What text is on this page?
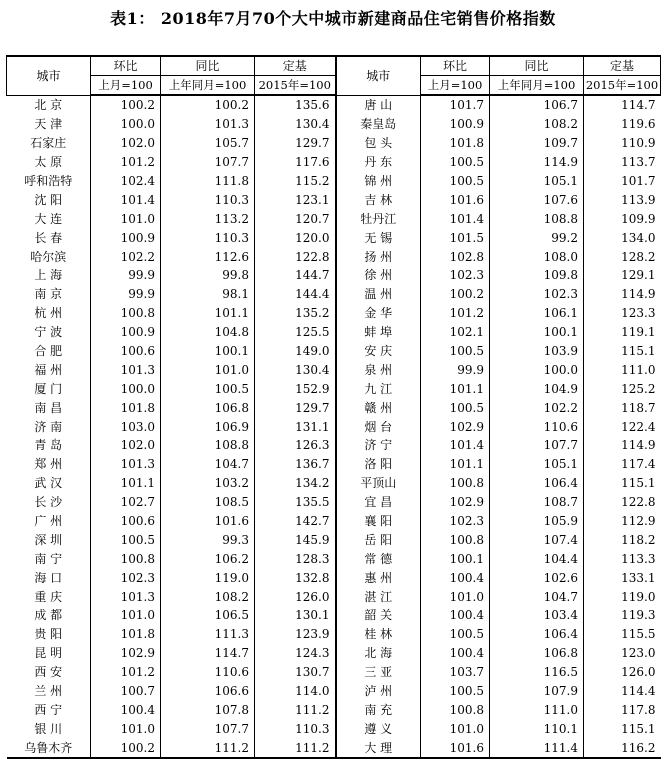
表1： 2018年7月70个大中城市新建商品住宅销售价格指数
城市	环比	同比	定基	城市	环比	同比	定基
	上月=100	上年同月=100	2015年=100		上月=100	上年同月=100	2015年=100
北 京	100.2	100.2	135.6	唐 山	101.7	106.7	114.7
天 津	100.0	101.3	130.4	秦皇岛	100.9	108.2	119.6
石家庄	102.0	105.7	129.7	包 头	101.8	109.7	110.9
太 原	101.2	107.7	117.6	丹 东	100.5	114.9	113.7
呼和浩特	102.4	111.8	115.2	锦 州	100.5	105.1	101.7
沈 阳	101.4	110.3	123.1	吉 林	101.6	107.6	113.9
大 连	101.0	113.2	120.7	牡丹江	101.4	108.8	109.9
长 春	100.9	110.3	120.0	无 锡	101.5	99.2	134.0
哈尔滨	102.2	112.6	122.8	扬 州	102.8	108.0	128.2
上 海	99.9	99.8	144.7	徐 州	102.3	109.8	129.1
南 京	99.9	98.1	144.4	温 州	100.2	102.3	114.9
杭 州	100.8	101.1	135.2	金 华	101.2	106.1	123.3
宁 波	100.9	104.8	125.5	蚌 埠	102.1	100.1	119.1
合 肥	100.6	100.1	149.0	安 庆	100.5	103.9	115.1
福 州	101.3	101.0	130.4	泉 州	99.9	100.0	111.0
厦 门	100.0	100.5	152.9	九 江	101.1	104.9	125.2
南 昌	101.8	106.8	129.7	赣 州	100.5	102.2	118.7
济 南	103.0	106.9	131.1	烟 台	102.9	110.6	122.4
青 岛	102.0	108.8	126.3	济 宁	101.4	107.7	114.9
郑 州	101.3	104.7	136.7	洛 阳	101.1	105.1	117.4
武 汉	101.1	103.2	134.2	平顶山	100.8	106.4	115.1
长 沙	102.7	108.5	135.5	宜 昌	102.9	108.7	122.8
广 州	100.6	101.6	142.7	襄 阳	102.3	105.9	112.9
深 圳	100.5	99.3	145.9	岳 阳	100.8	107.4	118.2
南 宁	100.8	106.2	128.3	常 德	100.1	104.4	113.3
海 口	102.3	119.0	132.8	惠 州	100.4	102.6	133.1
重 庆	101.3	108.2	126.0	湛 江	101.0	104.7	119.0
成 都	101.0	106.5	130.1	韶 关	100.4	103.4	119.3
贵 阳	101.8	111.3	123.9	桂 林	100.5	106.4	115.5
昆 明	102.9	114.7	124.3	北 海	100.4	106.8	123.0
西 安	101.2	110.6	130.7	三 亚	103.7	116.5	126.0
兰 州	100.7	106.6	114.0	泸 州	100.5	107.9	114.4
西 宁	100.4	107.8	111.2	南 充	100.8	111.0	117.8
银 川	101.0	107.7	110.3	遵 义	101.0	110.1	115.1
乌鲁木齐	100.2	111.2	111.2	大 理	101.6	111.4	116.2
